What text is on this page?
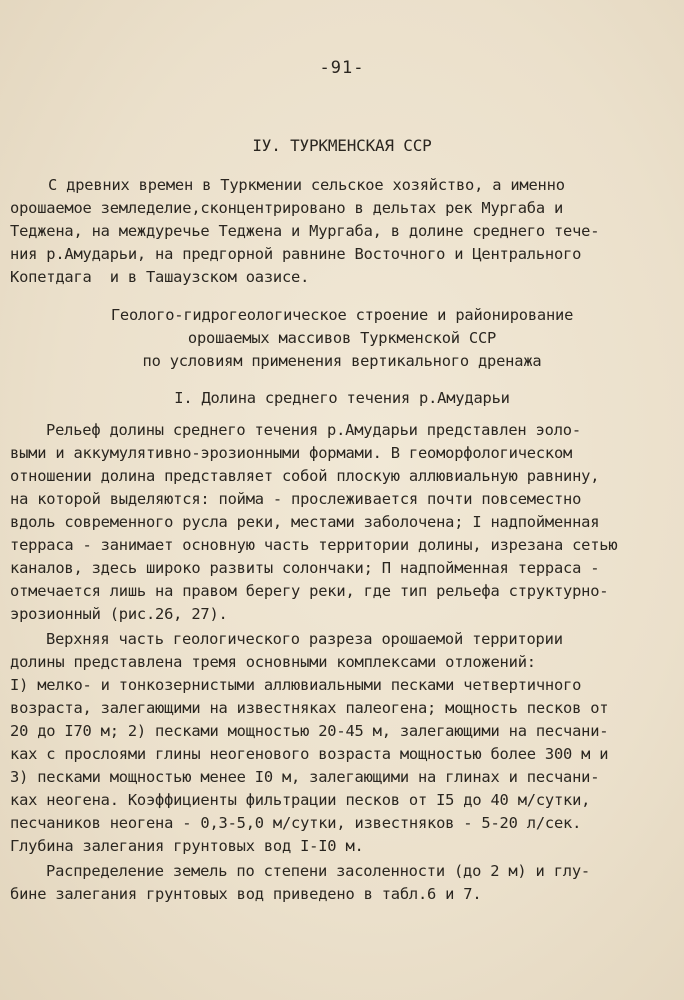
-91-
IУ. ТУРКМЕНСКАЯ ССР
С древних времен в Туркмении сельское хозяйство, а именно
орошаемое земледелие,сконцентрировано в дельтах рек Мургаба и
Теджена, на междуречье Теджена и Мургаба, в долине среднего тече-
ния р.Амударьи, на предгорной равнине Восточного и Центрального
Копетдага  и в Ташаузском оазисе.
Геолого-гидрогеологическое строение и районирование
орошаемых массивов Туркменской ССР
по условиям применения вертикального дренажа
I. Долина среднего течения р.Амударьи
Рельеф долины среднего течения р.Амударьи представлен эоло-
выми и аккумулятивно-эрозионными формами. В геоморфологическом
отношении долина представляет собой плоскую аллювиальную равнину,
на которой выделяются: пойма - прослеживается почти повсеместно
вдоль современного русла реки, местами заболочена; I надпойменная
терраса - занимает основную часть территории долины, изрезана сетью
каналов, здесь широко развиты солончаки; П надпойменная терраса -
отмечается лишь на правом берегу реки, где тип рельефа структурно-
эрозионный (рис.26, 27).
Верхняя часть геологического разреза орошаемой территории
долины представлена тремя основными комплексами отложений:
I) мелко- и тонкозернистыми аллювиальными песками четвертичного
возраста, залегающими на известняках палеогена; мощность песков от
20 до I70 м; 2) песками мощностью 20-45 м, залегающими на песчани-
ках с прослоями глины неогенового возраста мощностью более 300 м и
3) песками мощностью менее I0 м, залегающими на глинах и песчани-
ках неогена. Коэффициенты фильтрации песков от I5 до 40 м/сутки,
песчаников неогена - 0,3-5,0 м/сутки, известняков - 5-20 л/сек.
Глубина залегания грунтовых вод I-I0 м.
Распределение земель по степени засоленности (до 2 м) и глу-
бине залегания грунтовых вод приведено в табл.6 и 7.
